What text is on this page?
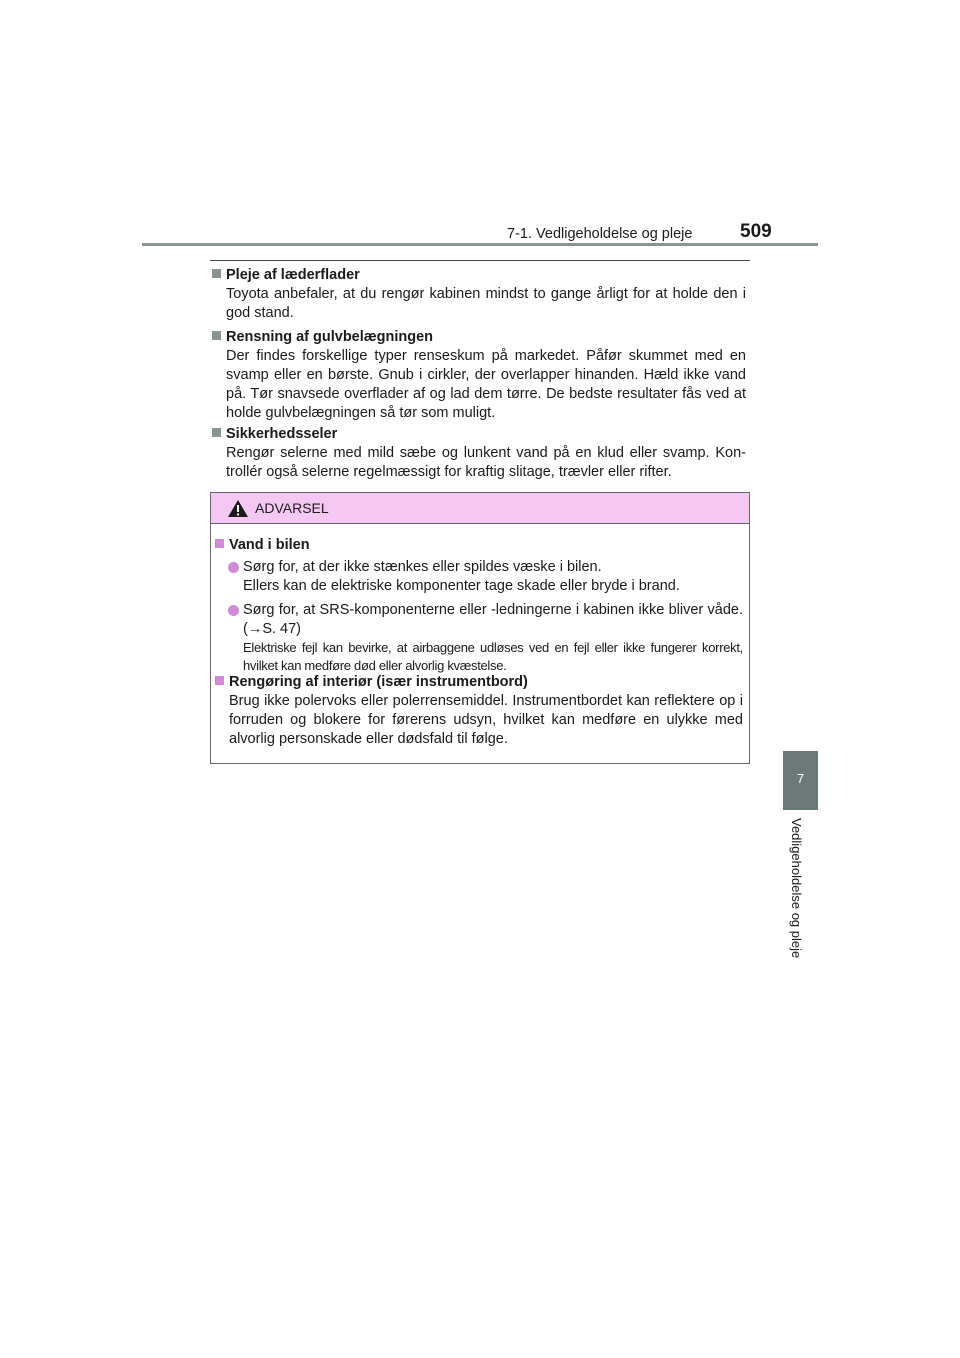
7-1. Vedligeholdelse og pleje	509
7
Vedligeholdelse og pleje
Pleje af læderflader
Toyota anbefaler, at du rengør kabinen mindst to gange årligt for at holde den i god stand.
Rensning af gulvbelægningen
Der findes forskellige typer renseskum på markedet. Påfør skummet med en svamp eller en børste. Gnub i cirkler, der overlapper hinanden. Hæld ikke vand på. Tør snavsede overflader af og lad dem tørre. De bedste resultater fås ved at holde gulvbelægningen så tør som muligt.
Sikkerhedsseler
Rengør selerne med mild sæbe og lunkent vand på en klud eller svamp. Kon-trollér også selerne regelmæssigt for kraftig slitage, trævler eller rifter.
ADVARSEL
Vand i bilen
Sørg for, at der ikke stænkes eller spildes væske i bilen.
Ellers kan de elektriske komponenter tage skade eller bryde i brand.
Sørg for, at SRS-komponenterne eller -ledningerne i kabinen ikke bliver våde. (→S. 47)
Elektriske fejl kan bevirke, at airbaggene udløses ved en fejl eller ikke fungerer korrekt, hvilket kan medføre død eller alvorlig kvæstelse.
Rengøring af interiør (især instrumentbord)
Brug ikke polervoks eller polerrensemiddel. Instrumentbordet kan reflektere op i forruden og blokere for førerens udsyn, hvilket kan medføre en ulykke med alvorlig personskade eller dødsfald til følge.
